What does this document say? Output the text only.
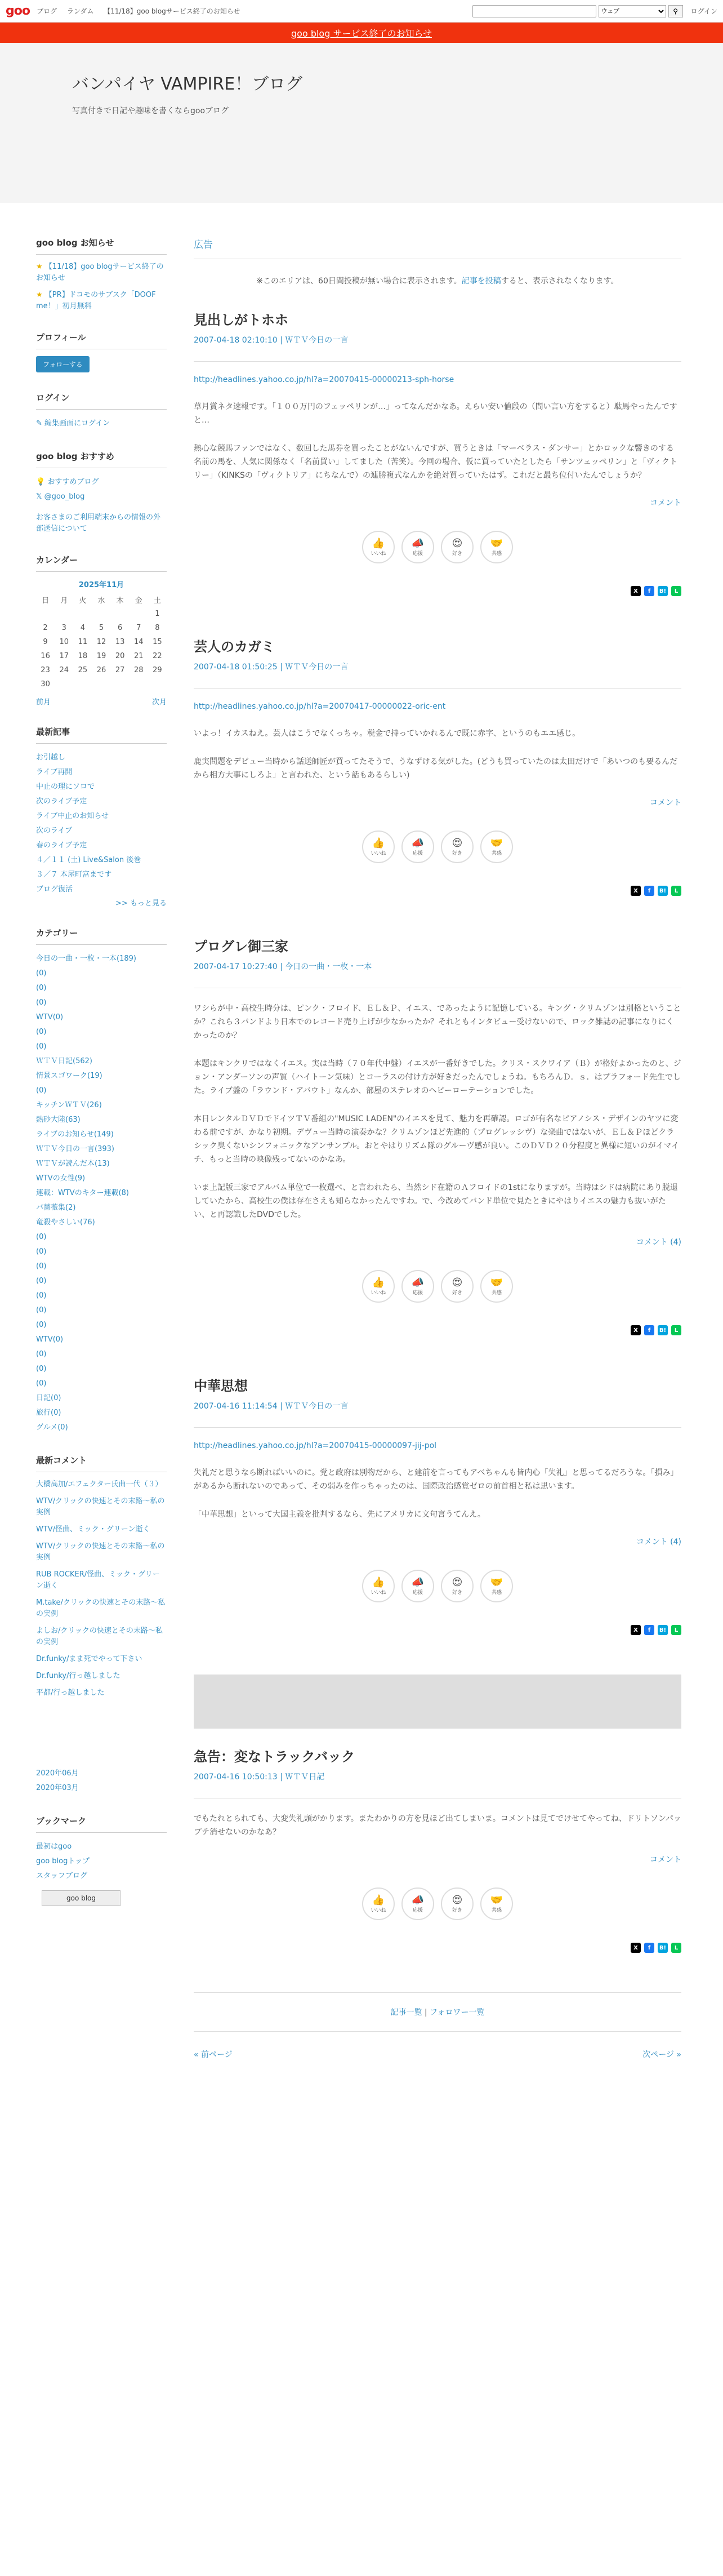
goo ブログ ランダム 【11/18】goo blogサービス終了のお知らせ
ウェブ	⚲	ログイン
goo blog サービス終了のお知らせ
バンパイヤ VAMPIRE！ブログ

写真付きで日記や趣味を書くならgooブログ

goo blog お知らせ
★ 【11/18】goo blogサービス終了のお知らせ
★ 【PR】ドコモのサブスク「DOOF me！」初月無料
プロフィール
フォローする
ログイン
✎ 編集画面にログイン
goo blog おすすめ
💡 おすすめブログ
𝕏 @goo_blog
お客さまのご利用端末からの情報の外部送信について
カレンダー
2025年11月
日	月	火	水	木	金	土
						1
2	3	4	5	6	7	8
9	10	11	12	13	14	15
16	17	18	19	20	21	22
23	24	25	26	27	28	29
30						
前月	次月
最新記事
お引越し
ライブ再開
中止の理にソロで
次のライブ予定
ライブ中止のお知らせ
次のライブ
春のライブ予定
４／１１ (土) Live&Salon 後巻
３／７ 本屋町富まです
ブログ復活
>> もっと見る
カテゴリー
今日の一曲・一枚・一本(189)
(0)
(0)
(0)
WTV(0)
(0)
(0)
ＷＴＶ日記(562)
情景スゴワーク(19)
(0)
キッチンＷＴＶ(26)
熱砂大陸(63)
ライブのお知らせ(149)
ＷＴＶ今日の一言(393)
ＷＴＶが読んだ本(13)
WTVの女性(9)
連載：WTVのキター連載(8)
バ薔薇集(2)
竜殺やさしい(76)
(0)
(0)
(0)
(0)
(0)
(0)
(0)
WTV(0)
(0)
(0)
(0)
日記(0)
旅行(0)
グルメ(0)
最新コメント
大橋高加/エフェクター氏曲一代（３）
WTV/クリックの快速とその末路～私の実例
WTV/怪曲、ミック・グリーン逝く
WTV/クリックの快速とその末路～私の実例
RUB ROCKER/怪曲、ミック・グリーン逝く
M.take/クリックの快速とその末路～私の実例
よしお/クリックの快速とその末路～私の実例
Dr.funky/まま死でやって下さい
Dr.funky/行っ越しました
平都/行っ越しました
2020年06月
2020年03月
ブックマーク
最初はgoo
goo blogトップ
スタッフブログ
goo blog
広告
※このエリアは、60日間投稿が無い場合に表示されます。記事を投稿すると、表示されなくなります。
見出しがトホホ
2007-04-18 02:10:10 | ＷＴＶ今日の一言
http://headlines.yahoo.co.jp/hl?a=20070415-00000213-sph-horse

草月賞ネタ速報です。「１００万円のフェッペリンが…」ってなんだかなあ。えらい安い値段の（間い言い方をすると）駄馬やったんですと…

熱心な競馬ファンではなく、数回した馬券を買ったことがないんですが、買うときは「マーベラス・ダンサー」とかロックな響きのする名前の馬を、人気に関係なく「名前買い」してました（苦笑）。今回の場合、仮に買っていたとしたら「サンツェッペリン」と「ヴィクトリー」（KINKSの「ヴィクトリア」にちなんで）の連勝複式なんかを絶対買っていたはず。これだと最ち位付いたんでしょうか？

コメント
👍
いいね
📣
応援
😍
好き
🤝
共感
X	f	B!	L
芸人のカガミ
2007-04-18 01:50:25 | ＷＴＶ今日の一言
http://headlines.yahoo.co.jp/hl?a=20070417-00000022-oric-ent

いよっ！イカスねえ。芸人はこうでなくっちゃ。税金で持っていかれるんで既に赤字、というのもエエ感じ。

鹿実問題をデビュー当時から話送師匠が買ってたそうで、うなずける気がした。(どうも買っていたのは太田だけで「あいつのも要るんだから相方大事にしろよ」と言われた、という話もあるらしい)

コメント
👍
いいね
📣
応援
😍
好き
🤝
共感
X	f	B!	L
プログレ御三家
2007-04-17 10:27:40 | 今日の一曲・一枚・一本

ワシらが中・高校生時分は、ピンク・フロイド、ＥＬ＆Ｐ、イエス、であったように記憶している。キング・クリムゾンは別格ということか？これら３バンドより日本でのレコード売り上げが少なかったか？それともインタビュー受けないので、ロック雑誌の記事になりにくかったのか？

本題はキンクリではなくイエス。実は当時（７０年代中盤）イエスが一番好きでした。クリス・スクワイア（Ｂ）が格好よかったのと、ジョン・アンダーソンの声質（ハイトーン気味）とコーラスの付け方が好きだったんでしょうね。もちろんＤ．ｓ．はプラフォード先生でした。ライブ盤の「ラウンド・アバウト」なんか、部屋のステレオのヘビーローテーションでした。

本日レンタルＤＶＤでドイツＴＶ番組の"MUSIC LADEN"のイエスを見て、魅力を再確認。ロゴが有名なピアノシス・デザインのヤツに変わる前ですが、かなり初期。デヴュー当時の演奏かな？クリムゾンほど先進的（プログレッシヴ）な楽曲ではないが、ＥＬ＆Ｐほどクラシック臭くないシンフォニックなアンサンブル。おとやはりリズム隊のグルーヴ感が良い。このＤＶＤ２０分程度と異様に短いのがイマイチ、もっと当時の映像残ってないのかなあ。

いま上記版三家でアルバム単位で一枚選べ、と言われたら、当然シド在籍のＡフロイドの1stになりますが。当時はシドは病院にあり脱退していたから、高校生の僕は存在さえも知らなかったんですわ。で、今改めてバンド単位で見たときにやはりイエスの魅力も抜いがたい、と再認識したDVDでした。

コメント (4)
👍
いいね
📣
応援
😍
好き
🤝
共感
X	f	B!	L
中華思想
2007-04-16 11:14:54 | ＷＴＶ今日の一言
http://headlines.yahoo.co.jp/hl?a=20070415-00000097-jij-pol

失礼だと思うなら断ればいいのに。党と政府は別物だから、と建前を言ってもアベちゃんも皆内心「失礼」と思ってるだろうな。「損み」があるから断れないのであって、その弱みを作っちゃったのは、国際政治感覚ゼロの前首相と私は思います。

「中華思想」といって大国主義を批判するなら、先にアメリカに文句言うてんえ。

コメント (4)
👍
いいね
📣
応援
😍
好き
🤝
共感
X	f	B!	L
急告：変なトラックバック
2007-04-16 10:50:13 | ＷＴＶ日記

でもたれとられても、大変失礼頭がかります。またわかりの方を見ほど出てしまいま。コメントは見てでけせてやってね、ドリトソンパップテ消せないのかなあ？

コメント
👍
いいね
📣
応援
😍
好き
🤝
共感
X	f	B!	L
記事一覧 | フォロワー一覧
« 前ページ	次ページ »
